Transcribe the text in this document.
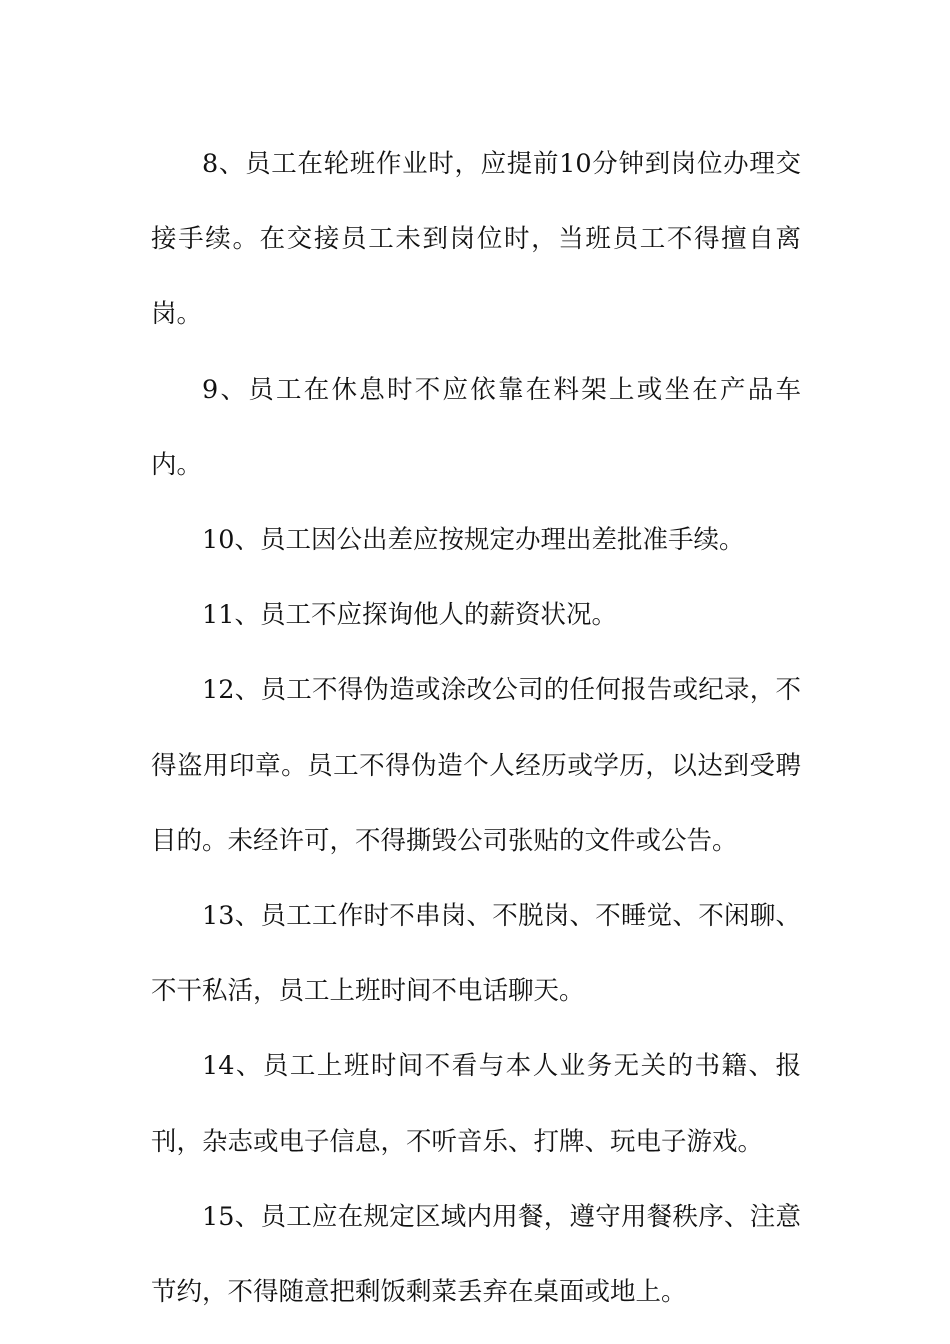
8、员工在轮班作业时，应提前10分钟到岗位办理交接手续。在交接员工未到岗位时，当班员工不得擅自离岗。

9、员工在休息时不应依靠在料架上或坐在产品车内。

10、员工因公出差应按规定办理出差批准手续。

11、员工不应探询他人的薪资状况。

12、员工不得伪造或涂改公司的任何报告或纪录，不得盗用印章。员工不得伪造个人经历或学历，以达到受聘目的。未经许可，不得撕毁公司张贴的文件或公告。

13、员工工作时不串岗、不脱岗、不睡觉、不闲聊、不干私活，员工上班时间不电话聊天。

14、员工上班时间不看与本人业务无关的书籍、报刊，杂志或电子信息，不听音乐、打牌、玩电子游戏。

15、员工应在规定区域内用餐，遵守用餐秩序、注意节约，不得随意把剩饭剩菜丢弃在桌面或地上。
